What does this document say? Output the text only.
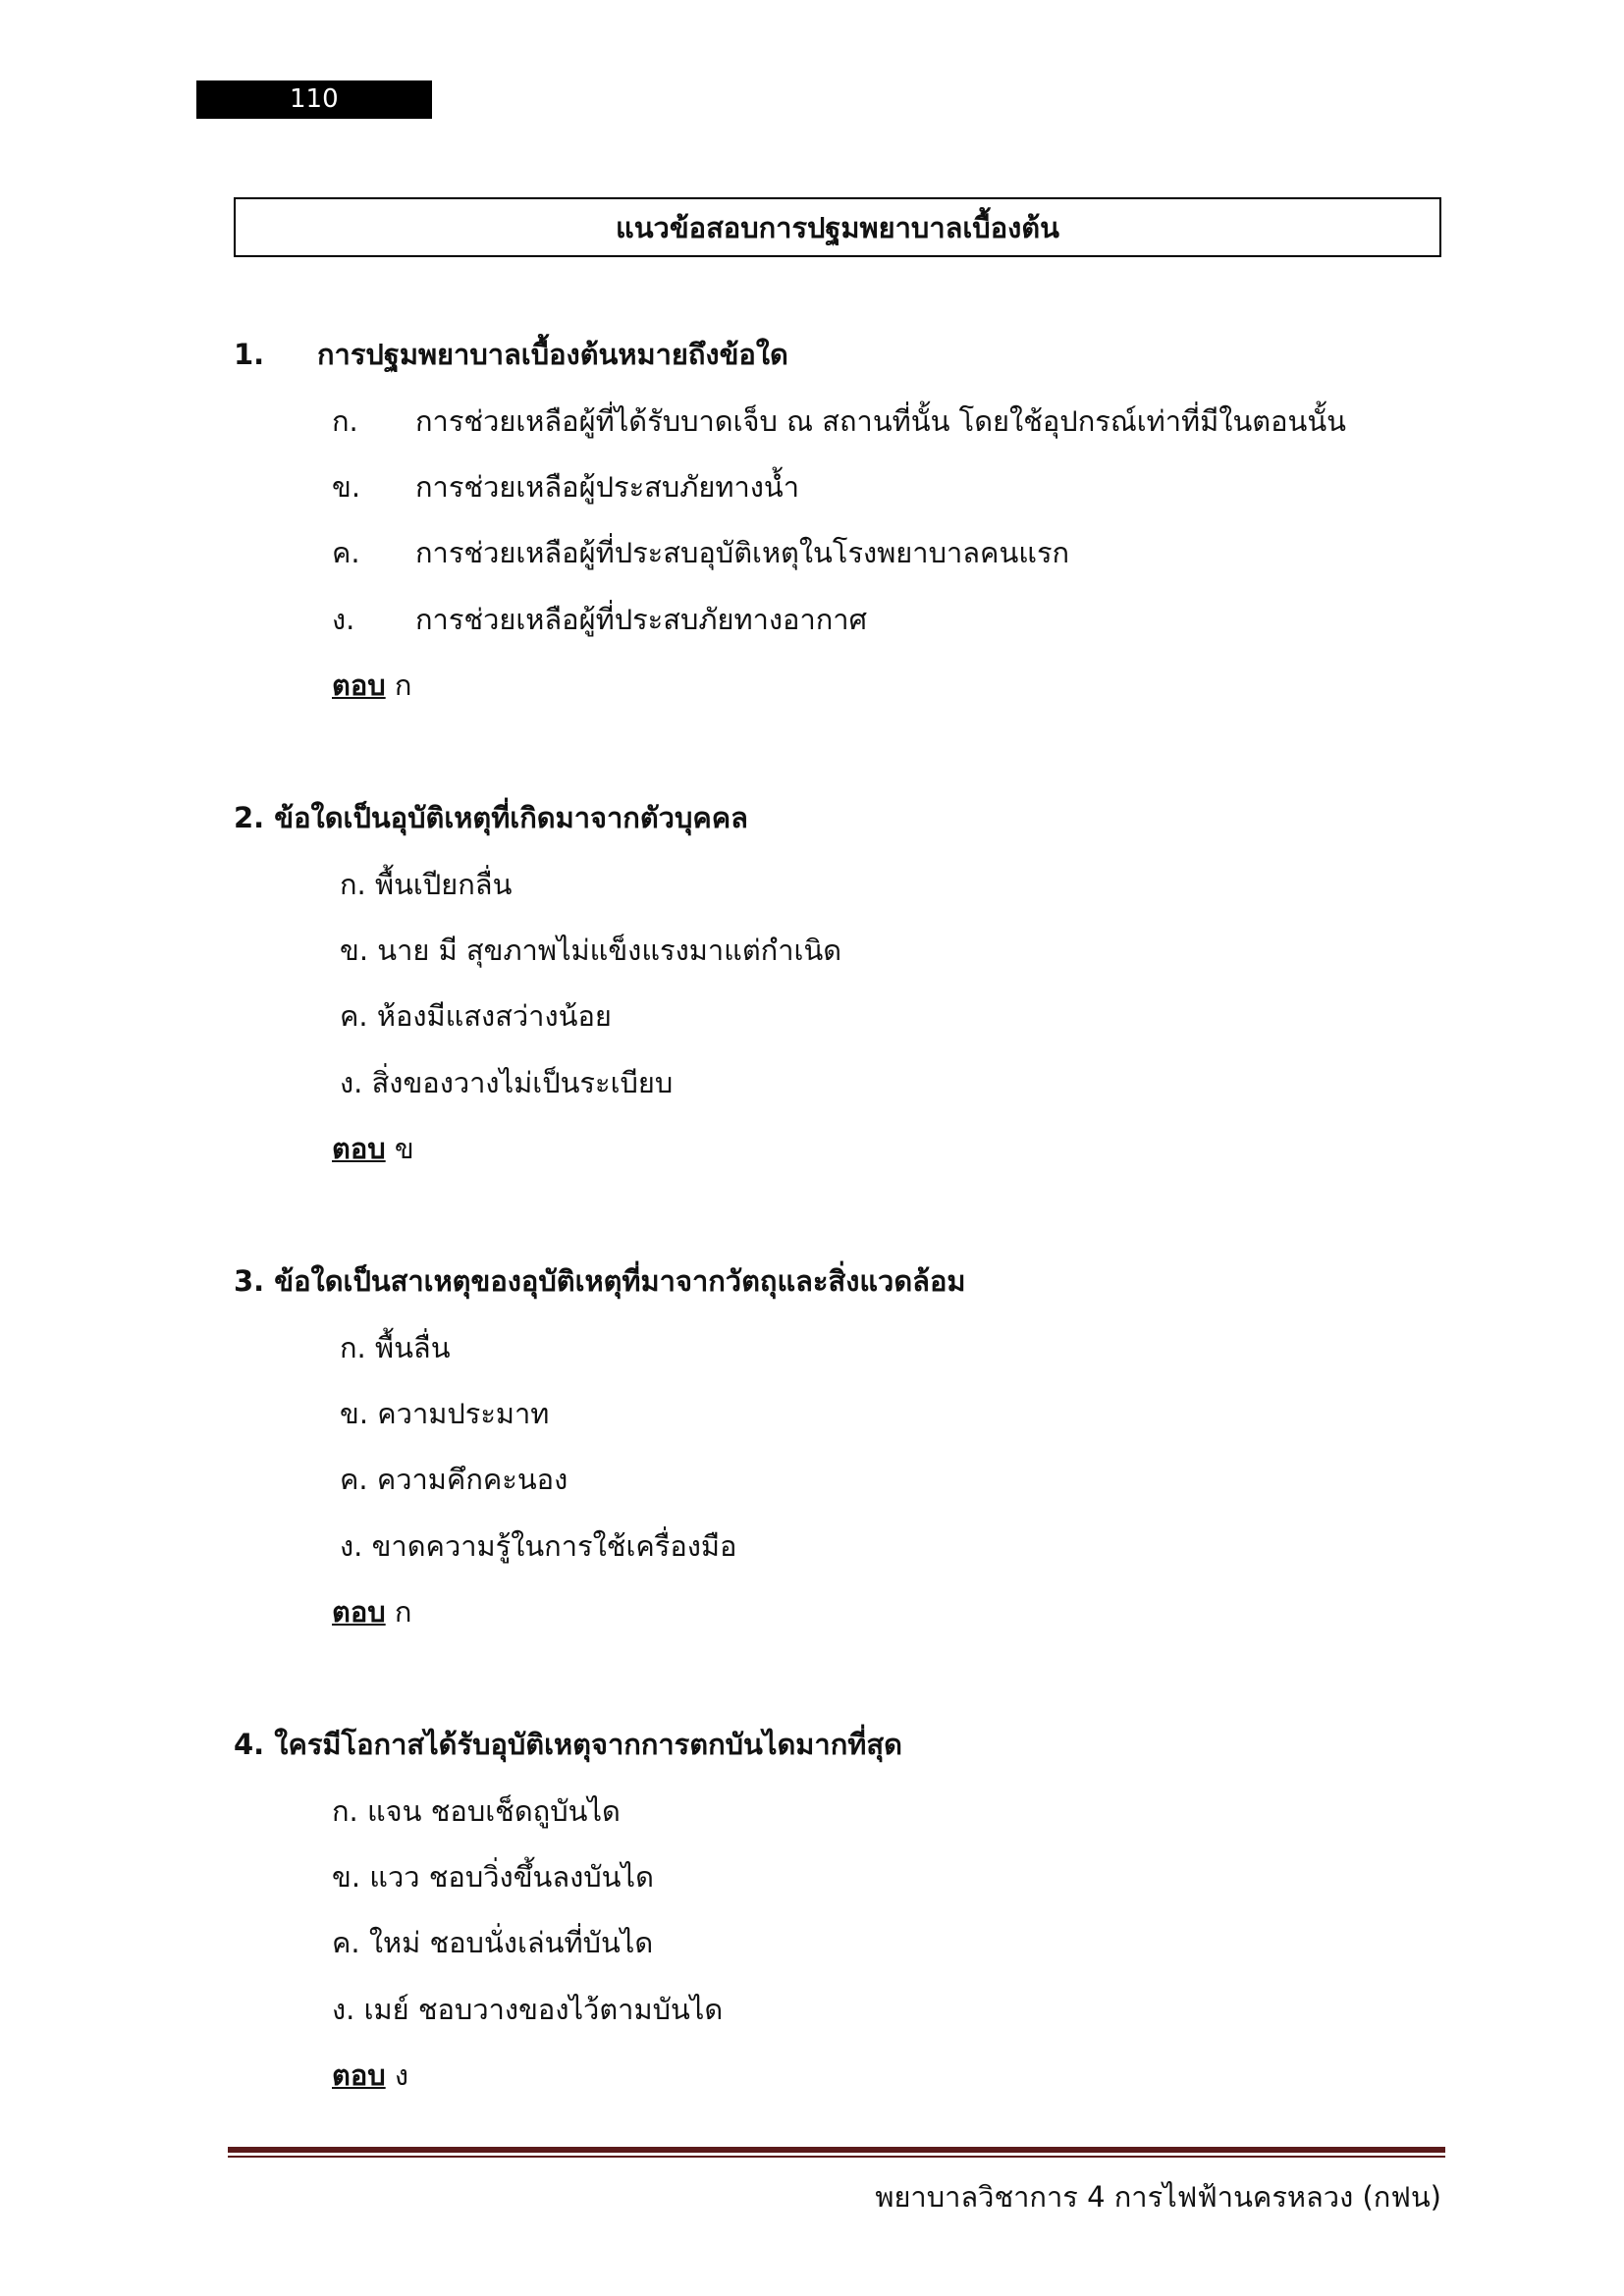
110
แนวข้อสอบการปฐมพยาบาลเบื้องต้น
1. การปฐมพยาบาลเบื้องต้นหมายถึงข้อใด
ก. การช่วยเหลือผู้ที่ได้รับบาดเจ็บ ณ สถานที่นั้น โดยใช้อุปกรณ์เท่าที่มีในตอนนั้น
ข. การช่วยเหลือผู้ประสบภัยทางน้ำ
ค. การช่วยเหลือผู้ที่ประสบอุบัติเหตุในโรงพยาบาลคนแรก
ง. การช่วยเหลือผู้ที่ประสบภัยทางอากาศ
ตอบ ก
2. ข้อใดเป็นอุบัติเหตุที่เกิดมาจากตัวบุคคล
ก. พื้นเปียกลื่น
ข. นาย มี สุขภาพไม่แข็งแรงมาแต่กำเนิด
ค. ห้องมีแสงสว่างน้อย
ง. สิ่งของวางไม่เป็นระเบียบ
ตอบ ข
3. ข้อใดเป็นสาเหตุของอุบัติเหตุที่มาจากวัตถุและสิ่งแวดล้อม
ก. พื้นลื่น
ข. ความประมาท
ค. ความคึกคะนอง
ง. ขาดความรู้ในการใช้เครื่องมือ
ตอบ ก
4. ใครมีโอกาสได้รับอุบัติเหตุจากการตกบันไดมากที่สุด
ก. แจน ชอบเช็ดถูบันได
ข. แวว ชอบวิ่งขึ้นลงบันได
ค. ใหม่ ชอบนั่งเล่นที่บันได
ง. เมย์ ชอบวางของไว้ตามบันได
ตอบ ง
พยาบาลวิชาการ 4 การไฟฟ้านครหลวง (กฟน)
